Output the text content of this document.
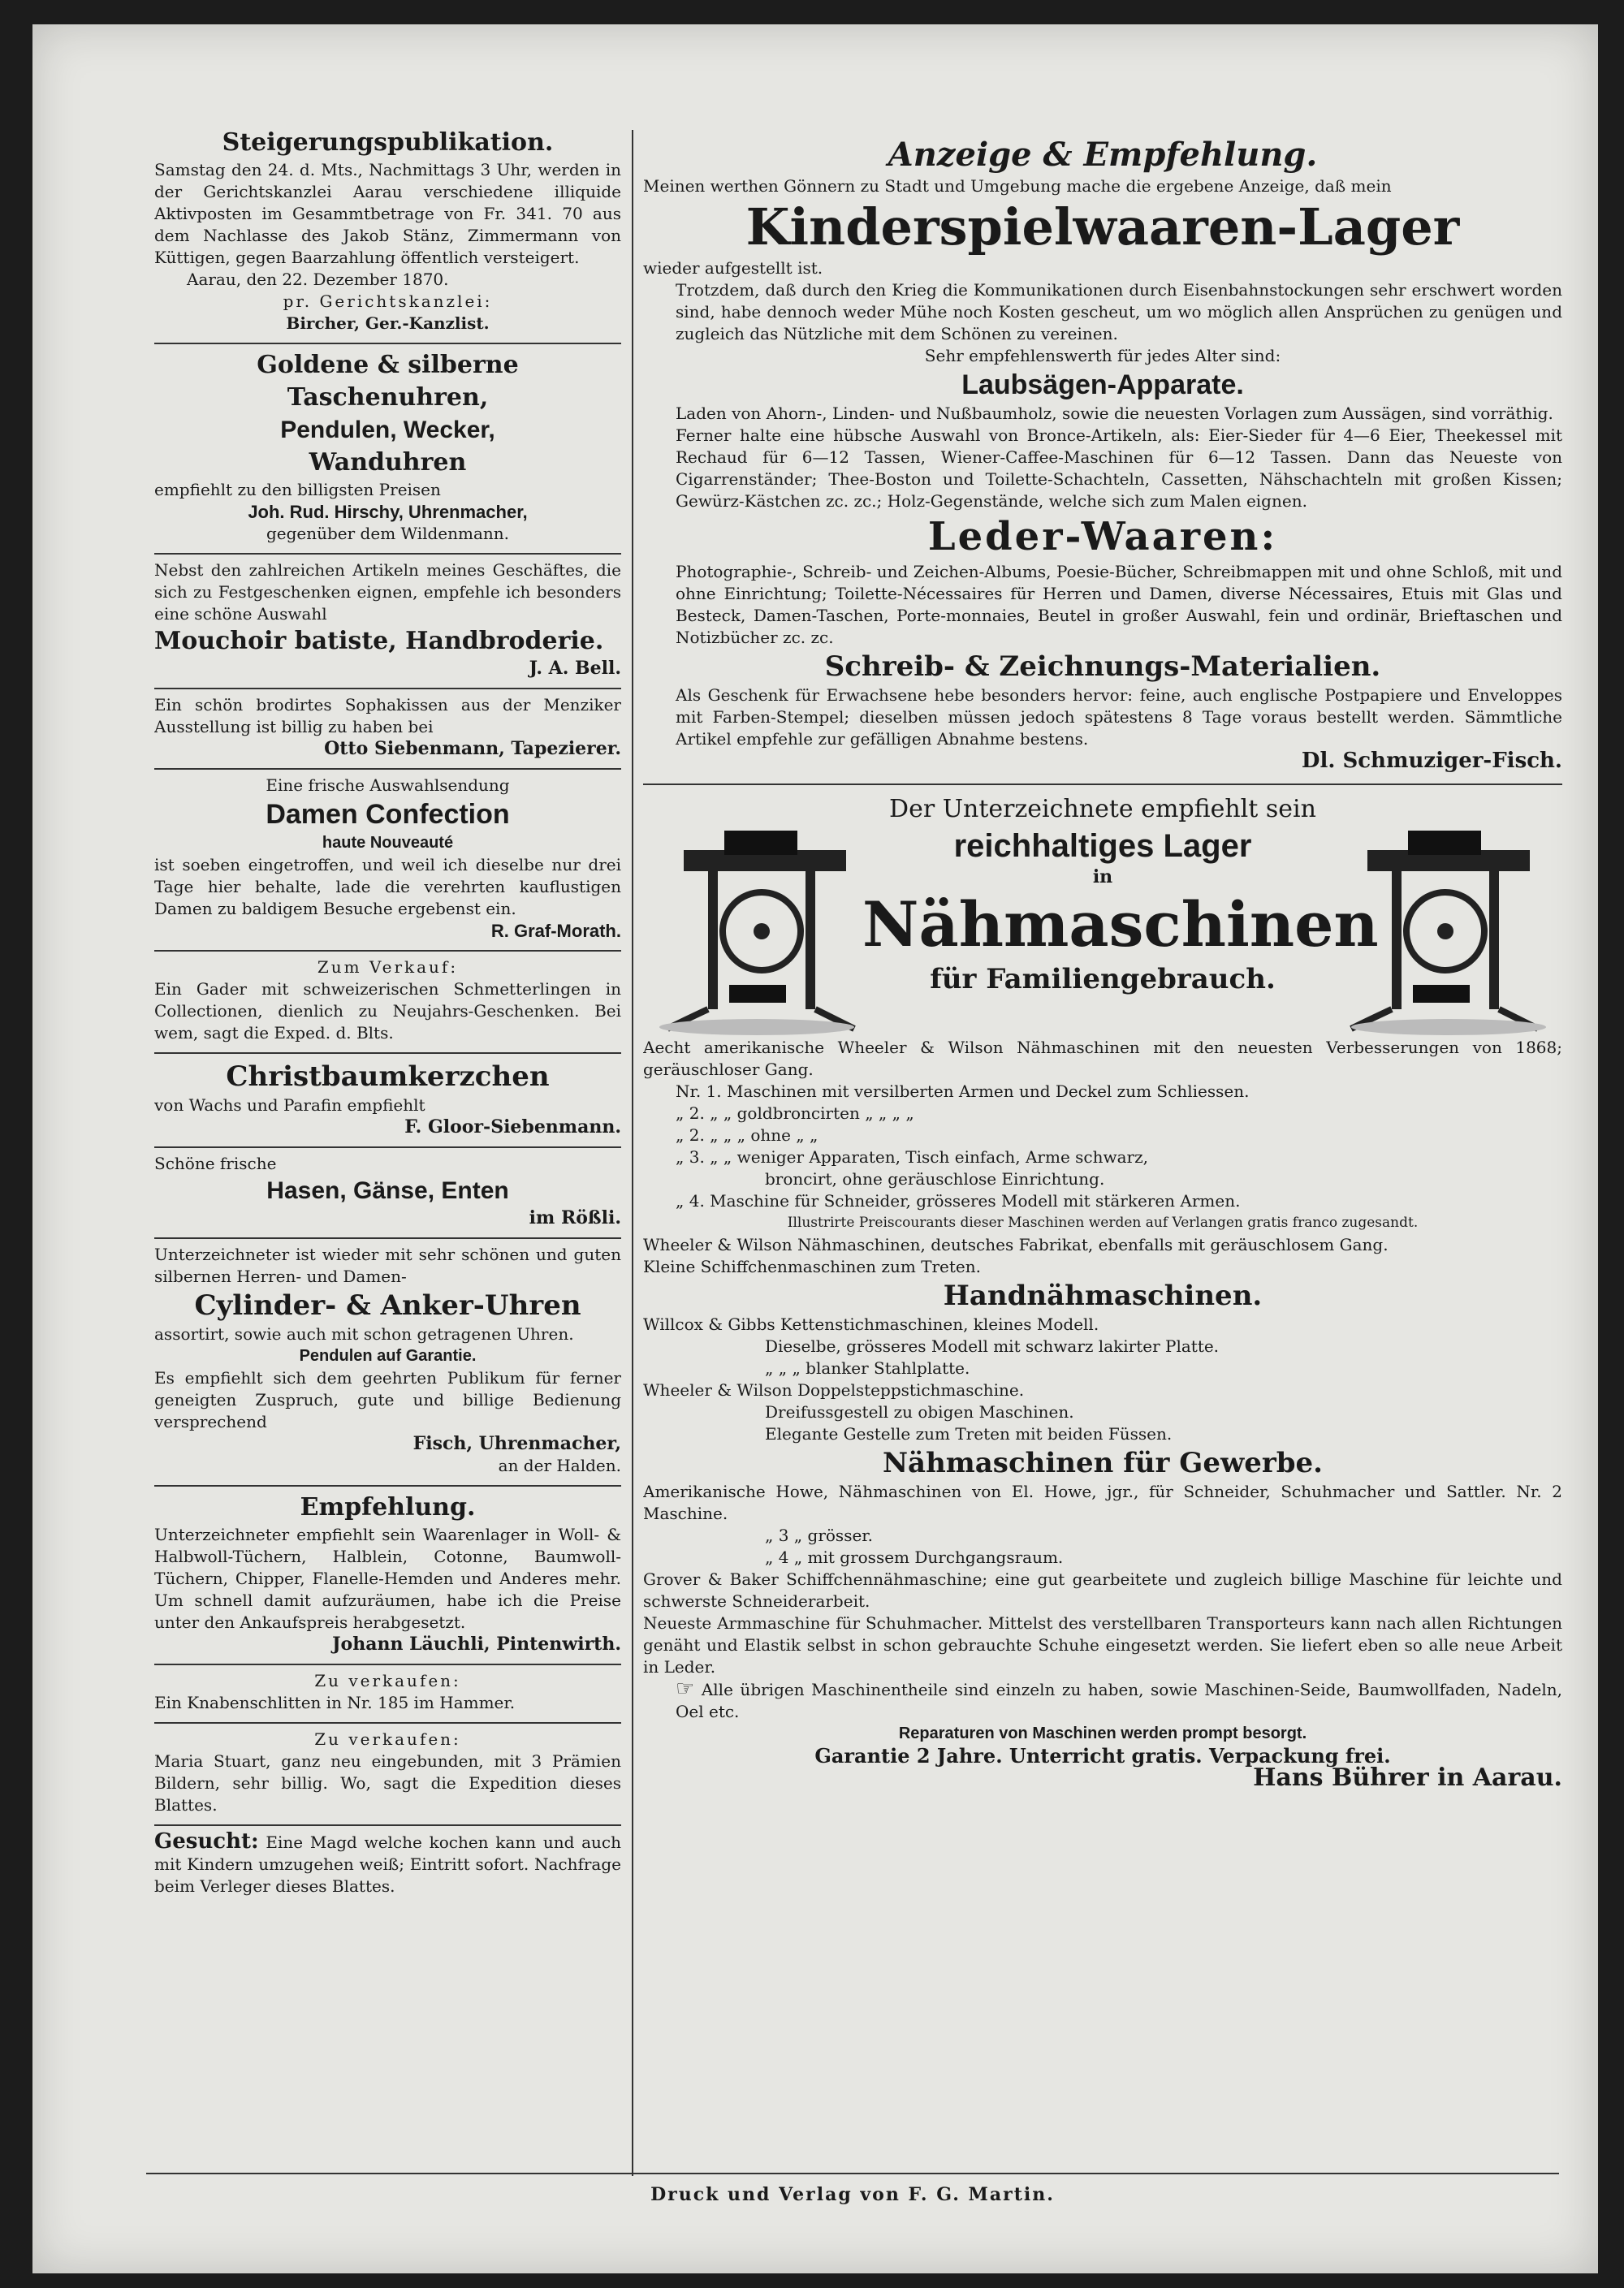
Steigerungspublikation.

Samstag den 24. d. Mts., Nachmittags 3 Uhr, werden in der Gerichtskanzlei Aarau verschiedene illiquide Aktivposten im Gesammtbetrage von Fr. 341. 70 aus dem Nachlasse des Jakob Stänz, Zimmermann von Küttigen, gegen Baarzahlung öffentlich versteigert.

Aarau, den 22. Dezember 1870.

pr. Gerichtskanzlei:

Bircher, Ger.-Kanzlist.

Goldene & silberne Taschenuhren,
Pendulen, Wecker,
Wanduhren

empfiehlt zu den billigsten Preisen

Joh. Rud. Hirschy, Uhrenmacher,

gegenüber dem Wildenmann.

Nebst den zahlreichen Artikeln meines Geschäftes, die sich zu Festgeschenken eignen, empfehle ich besonders eine schöne Auswahl

Mouchoir batiste, Handbroderie.

J. A. Bell.

Ein schön brodirtes Sophakissen aus der Menziker Ausstellung ist billig zu haben bei

Otto Siebenmann, Tapezierer.

Eine frische Auswahlsendung

Damen Confection
haute Nouveauté

ist soeben eingetroffen, und weil ich dieselbe nur drei Tage hier behalte, lade die verehrten kauflustigen Damen zu baldigem Besuche ergebenst ein.

R. Graf-Morath.

Zum Verkauf:

Ein Gader mit schweizerischen Schmetterlingen in Collectionen, dienlich zu Neujahrs-Geschenken. Bei wem, sagt die Exped. d. Blts.

Christbaumkerzchen

von Wachs und Parafin empfiehlt

F. Gloor-Siebenmann.

Schöne frische

Hasen, Gänse, Enten

im Rößli.

Unterzeichneter ist wieder mit sehr schönen und guten silbernen Herren- und Damen-

Cylinder- & Anker-Uhren

assortirt, sowie auch mit schon getragenen Uhren.

Pendulen auf Garantie.

Es empfiehlt sich dem geehrten Publikum für ferner geneigten Zuspruch, gute und billige Bedienung versprechend

Fisch, Uhrenmacher,

an der Halden.

Empfehlung.

Unterzeichneter empfiehlt sein Waarenlager in Woll- & Halbwoll-Tüchern, Halblein, Cotonne, Baumwoll-Tüchern, Chipper, Flanelle-Hemden und Anderes mehr. Um schnell damit aufzuräumen, habe ich die Preise unter den Ankaufspreis herabgesetzt.

Johann Läuchli, Pintenwirth.

Zu verkaufen:

Ein Knabenschlitten in Nr. 185 im Hammer.

Zu verkaufen:

Maria Stuart, ganz neu eingebunden, mit 3 Prämien Bildern, sehr billig. Wo, sagt die Expedition dieses Blattes.

Gesucht: Eine Magd welche kochen kann und auch mit Kindern umzugehen weiß; Eintritt sofort. Nachfrage beim Verleger dieses Blattes.

Anzeige & Empfehlung.

Meinen werthen Gönnern zu Stadt und Umgebung mache die ergebene Anzeige, daß mein

Kinderspielwaaren-Lager

wieder aufgestellt ist.

Trotzdem, daß durch den Krieg die Kommunikationen durch Eisenbahnstockungen sehr erschwert worden sind, habe dennoch weder Mühe noch Kosten gescheut, um wo möglich allen Ansprüchen zu genügen und zugleich das Nützliche mit dem Schönen zu vereinen.

Sehr empfehlenswerth für jedes Alter sind:

Laubsägen-Apparate.

Laden von Ahorn-, Linden- und Nußbaumholz, sowie die neuesten Vorlagen zum Aussägen, sind vorräthig.

Ferner halte eine hübsche Auswahl von Bronce-Artikeln, als: Eier-Sieder für 4—6 Eier, Theekessel mit Rechaud für 6—12 Tassen, Wiener-Caffee-Maschinen für 6—12 Tassen. Dann das Neueste von Cigarrenständer; Thee-Boston und Toilette-Schachteln, Cassetten, Nähschachteln mit großen Kissen; Gewürz-Kästchen zc. zc.; Holz-Gegenstände, welche sich zum Malen eignen.

Leder-Waaren:

Photographie-, Schreib- und Zeichen-Albums, Poesie-Bücher, Schreibmappen mit und ohne Schloß, mit und ohne Einrichtung; Toilette-Nécessaires für Herren und Damen, diverse Nécessaires, Etuis mit Glas und Besteck, Damen-Taschen, Porte-monnaies, Beutel in großer Auswahl, fein und ordinär, Brieftaschen und Notizbücher zc. zc.

Schreib- & Zeichnungs-Materialien.

Als Geschenk für Erwachsene hebe besonders hervor: feine, auch englische Postpapiere und Enveloppes mit Farben-Stempel; dieselben müssen jedoch spätestens 8 Tage voraus bestellt werden. Sämmtliche Artikel empfehle zur gefälligen Abnahme bestens.

Dl. Schmuziger-Fisch.

Der Unterzeichnete empfiehlt sein
reichhaltiges Lager
in
Nähmaschinen
für Familiengebrauch.

Aecht amerikanische Wheeler & Wilson Nähmaschinen mit den neuesten Verbesserungen von 1868; geräuschloser Gang.

Nr. 1. Maschinen mit versilberten Armen und Deckel zum Schliessen.

„ 2. „ „ goldbroncirten „ „ „ „

„ 2. „ „ „ ohne „ „

„ 3. „ „ weniger Apparaten, Tisch einfach, Arme schwarz,

broncirt, ohne geräuschlose Einrichtung.

„ 4. Maschine für Schneider, grösseres Modell mit stärkeren Armen.

Illustrirte Preiscourants dieser Maschinen werden auf Verlangen gratis franco zugesandt.

Wheeler & Wilson Nähmaschinen, deutsches Fabrikat, ebenfalls mit geräuschlosem Gang.

Kleine Schiffchenmaschinen zum Treten.

Handnähmaschinen.

Willcox & Gibbs Kettenstichmaschinen, kleines Modell.

Dieselbe, grösseres Modell mit schwarz lakirter Platte.

„ „ „ blanker Stahlplatte.

Wheeler & Wilson Doppelsteppstichmaschine.

Dreifussgestell zu obigen Maschinen.

Elegante Gestelle zum Treten mit beiden Füssen.

Nähmaschinen für Gewerbe.

Amerikanische Howe, Nähmaschinen von El. Howe, jgr., für Schneider, Schuhmacher und Sattler. Nr. 2 Maschine.

„ 3 „ grösser.

„ 4 „ mit grossem Durchgangsraum.

Grover & Baker Schiffchennähmaschine; eine gut gearbeitete und zugleich billige Maschine für leichte und schwerste Schneiderarbeit.

Neueste Armmaschine für Schuhmacher. Mittelst des verstellbaren Transporteurs kann nach allen Richtungen genäht und Elastik selbst in schon gebrauchte Schuhe eingesetzt werden. Sie liefert eben so alle neue Arbeit in Leder.

☞ Alle übrigen Maschinentheile sind einzeln zu haben, sowie Maschinen-Seide, Baumwollfaden, Nadeln, Oel etc.

Reparaturen von Maschinen werden prompt besorgt.

Garantie 2 Jahre. Unterricht gratis. Verpackung frei.

Hans Bührer in Aarau.

Druck und Verlag von F. G. Martin.
